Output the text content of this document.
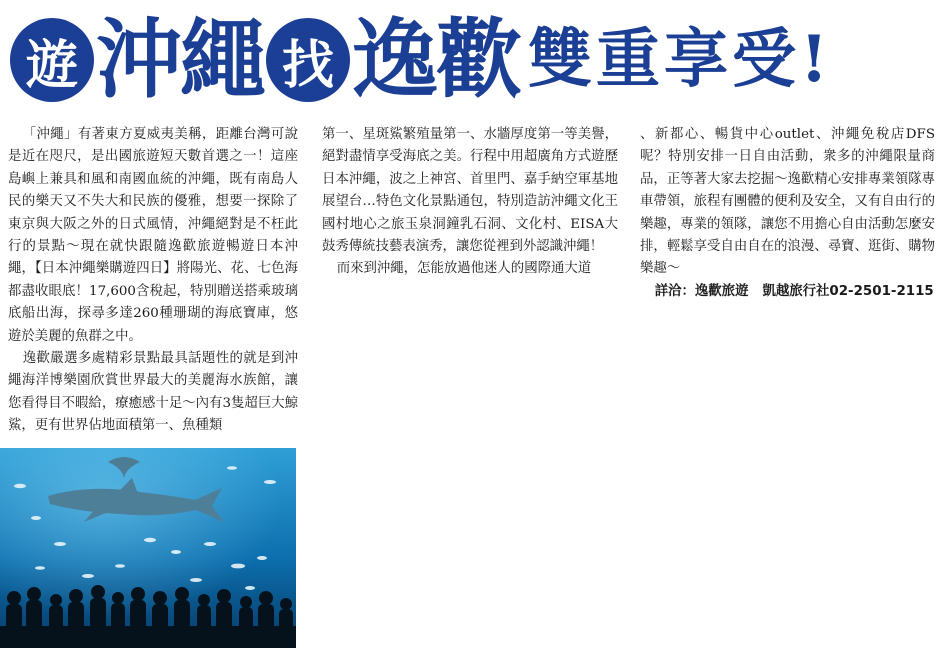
遊 沖繩 找 逸歡 雙重享受!

「沖繩」有著東方夏威夷美稱，距離台灣可說是近在咫尺，是出國旅遊短天數首選之一！這座島嶼上兼具和風和南國血統的沖繩，既有南島人民的樂天又不失大和民族的優雅，想要一探除了東京與大阪之外的日式風情，沖繩絕對是不枉此行的景點～現在就快跟隨逸歡旅遊暢遊日本沖繩，【日本沖繩樂購遊四日】將陽光、花、七色海都盡收眼底！17,600含稅起，特別贈送搭乘玻璃底船出海，探尋多達260種珊瑚的海底寶庫，悠遊於美麗的魚群之中。

逸歡嚴選多處精彩景點最具話題性的就是到沖繩海洋博樂園欣賞世界最大的美麗海水族館，讓您看得目不暇給，療癒感十足～內有3隻超巨大鯨鯊，更有世界佔地面積第一、魚種類

第一、星斑鯊繁殖量第一、水牆厚度第一等美譽，絕對盡情享受海底之美。行程中用超廣角方式遊歷日本沖繩，波之上神宮、首里門、嘉手納空軍基地展望台…特色文化景點通包，特別造訪沖繩文化王國村地心之旅玉泉洞鐘乳石洞、文化村、EISA大鼓秀傳統技藝表演秀，讓您從裡到外認識沖繩！

而來到沖繩，怎能放過他迷人的國際通大道

、新都心、暢貨中心outlet、沖繩免稅店DFS呢？特別安排一日自由活動，衆多的沖繩限量商品，正等著大家去挖掘～逸歡精心安排專業領隊專車帶領，旅程有團體的便利及安全，又有自由行的樂趣，專業的領隊，讓您不用擔心自由活動怎麼安排，輕鬆享受自由自在的浪漫、尋寶、逛街、購物樂趣～

詳洽：逸歡旅遊 凱越旅行社02-2501-2115
